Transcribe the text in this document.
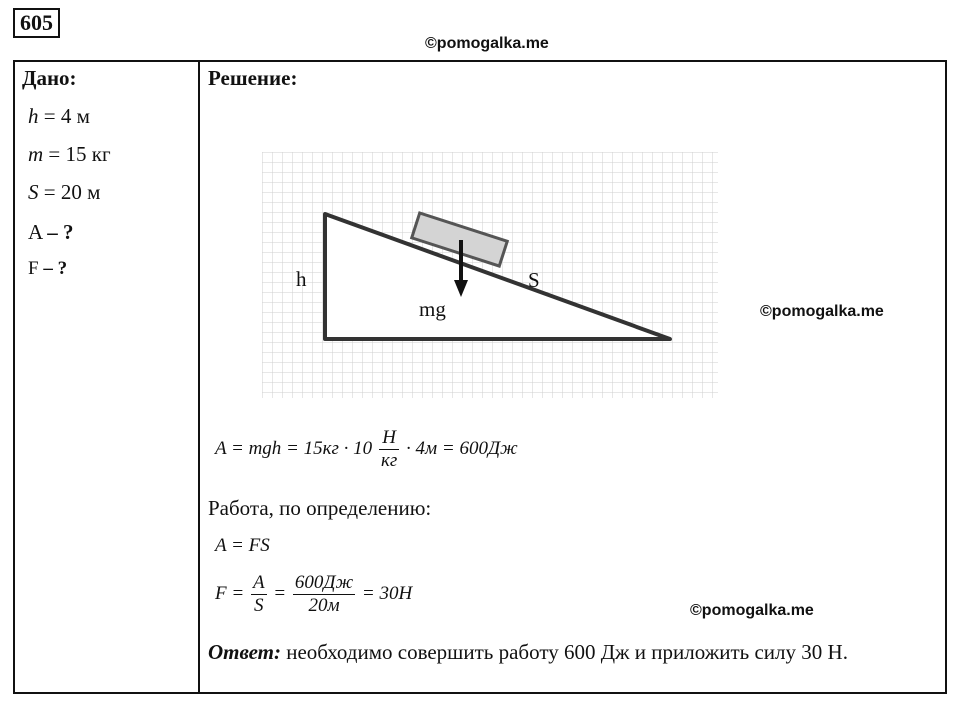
605
©pomogalka.me
Дано:
h = 4 м
m = 15 кг
S = 20 м
A – ?
F – ?
Решение:
h	S
mg	©pomogalka.me
A = mgh = $15кг \cdot 10 \frac{Н}{кг} \cdot 4м = 600Дж$
Работа, по определению:
A = FS
$F = \frac{A}{S} = \frac{600Дж}{20м} = 30Н$
©pomogalka.me
Ответ: необходимо совершить работу 600 Дж и приложить силу 30 Н.
